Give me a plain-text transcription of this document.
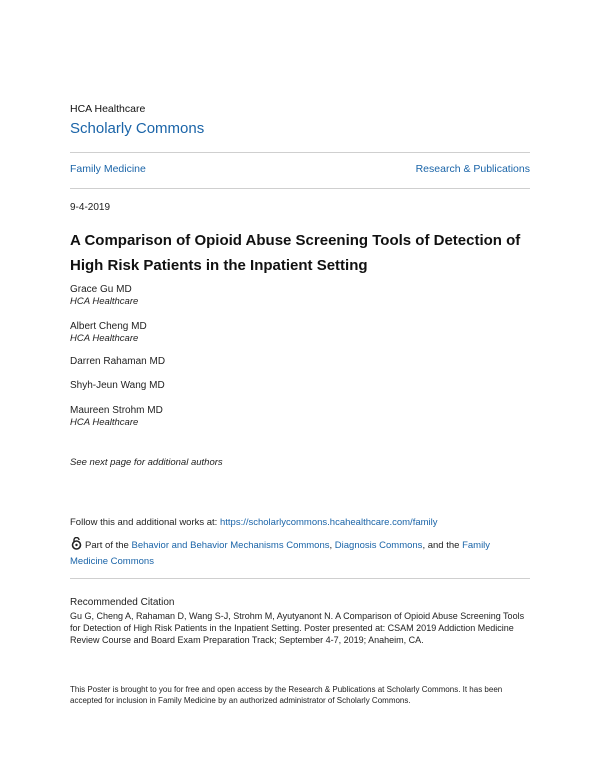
HCA Healthcare
Scholarly Commons
Family Medicine	Research & Publications
9-4-2019
A Comparison of Opioid Abuse Screening Tools of Detection of High Risk Patients in the Inpatient Setting
Grace Gu MD
HCA Healthcare
Albert Cheng MD
HCA Healthcare
Darren Rahaman MD
Shyh-Jeun Wang MD
Maureen Strohm MD
HCA Healthcare
See next page for additional authors
Follow this and additional works at: https://scholarlycommons.hcahealthcare.com/family
Part of the Behavior and Behavior Mechanisms Commons, Diagnosis Commons, and the Family Medicine Commons
Recommended Citation
Gu G, Cheng A, Rahaman D, Wang S-J, Strohm M, Ayutyanont N. A Comparison of Opioid Abuse Screening Tools for Detection of High Risk Patients in the Inpatient Setting. Poster presented at: CSAM 2019 Addiction Medicine Review Course and Board Exam Preparation Track; September 4-7, 2019; Anaheim, CA.
This Poster is brought to you for free and open access by the Research & Publications at Scholarly Commons. It has been accepted for inclusion in Family Medicine by an authorized administrator of Scholarly Commons.
